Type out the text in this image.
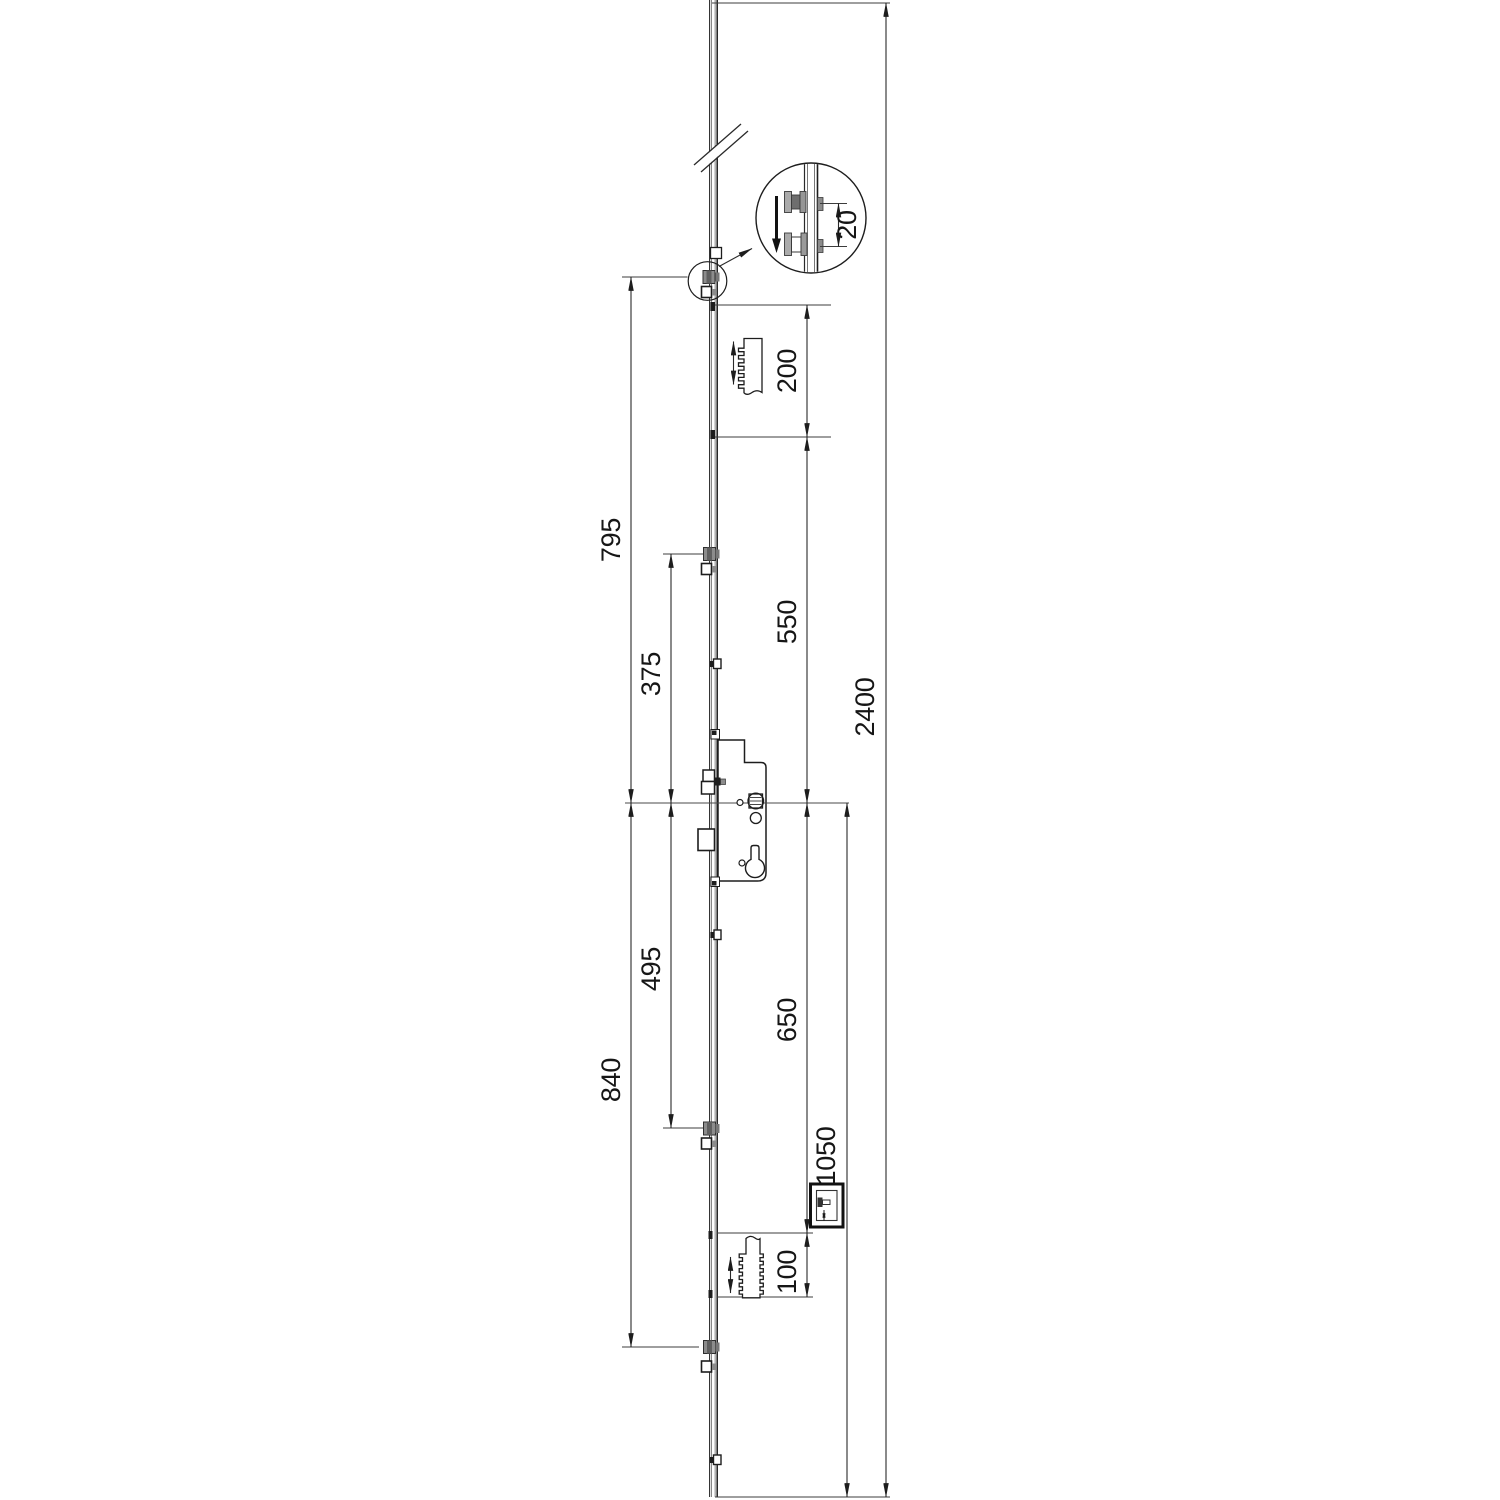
20
2400
1050
200
550
650
100
795
840
375
495
